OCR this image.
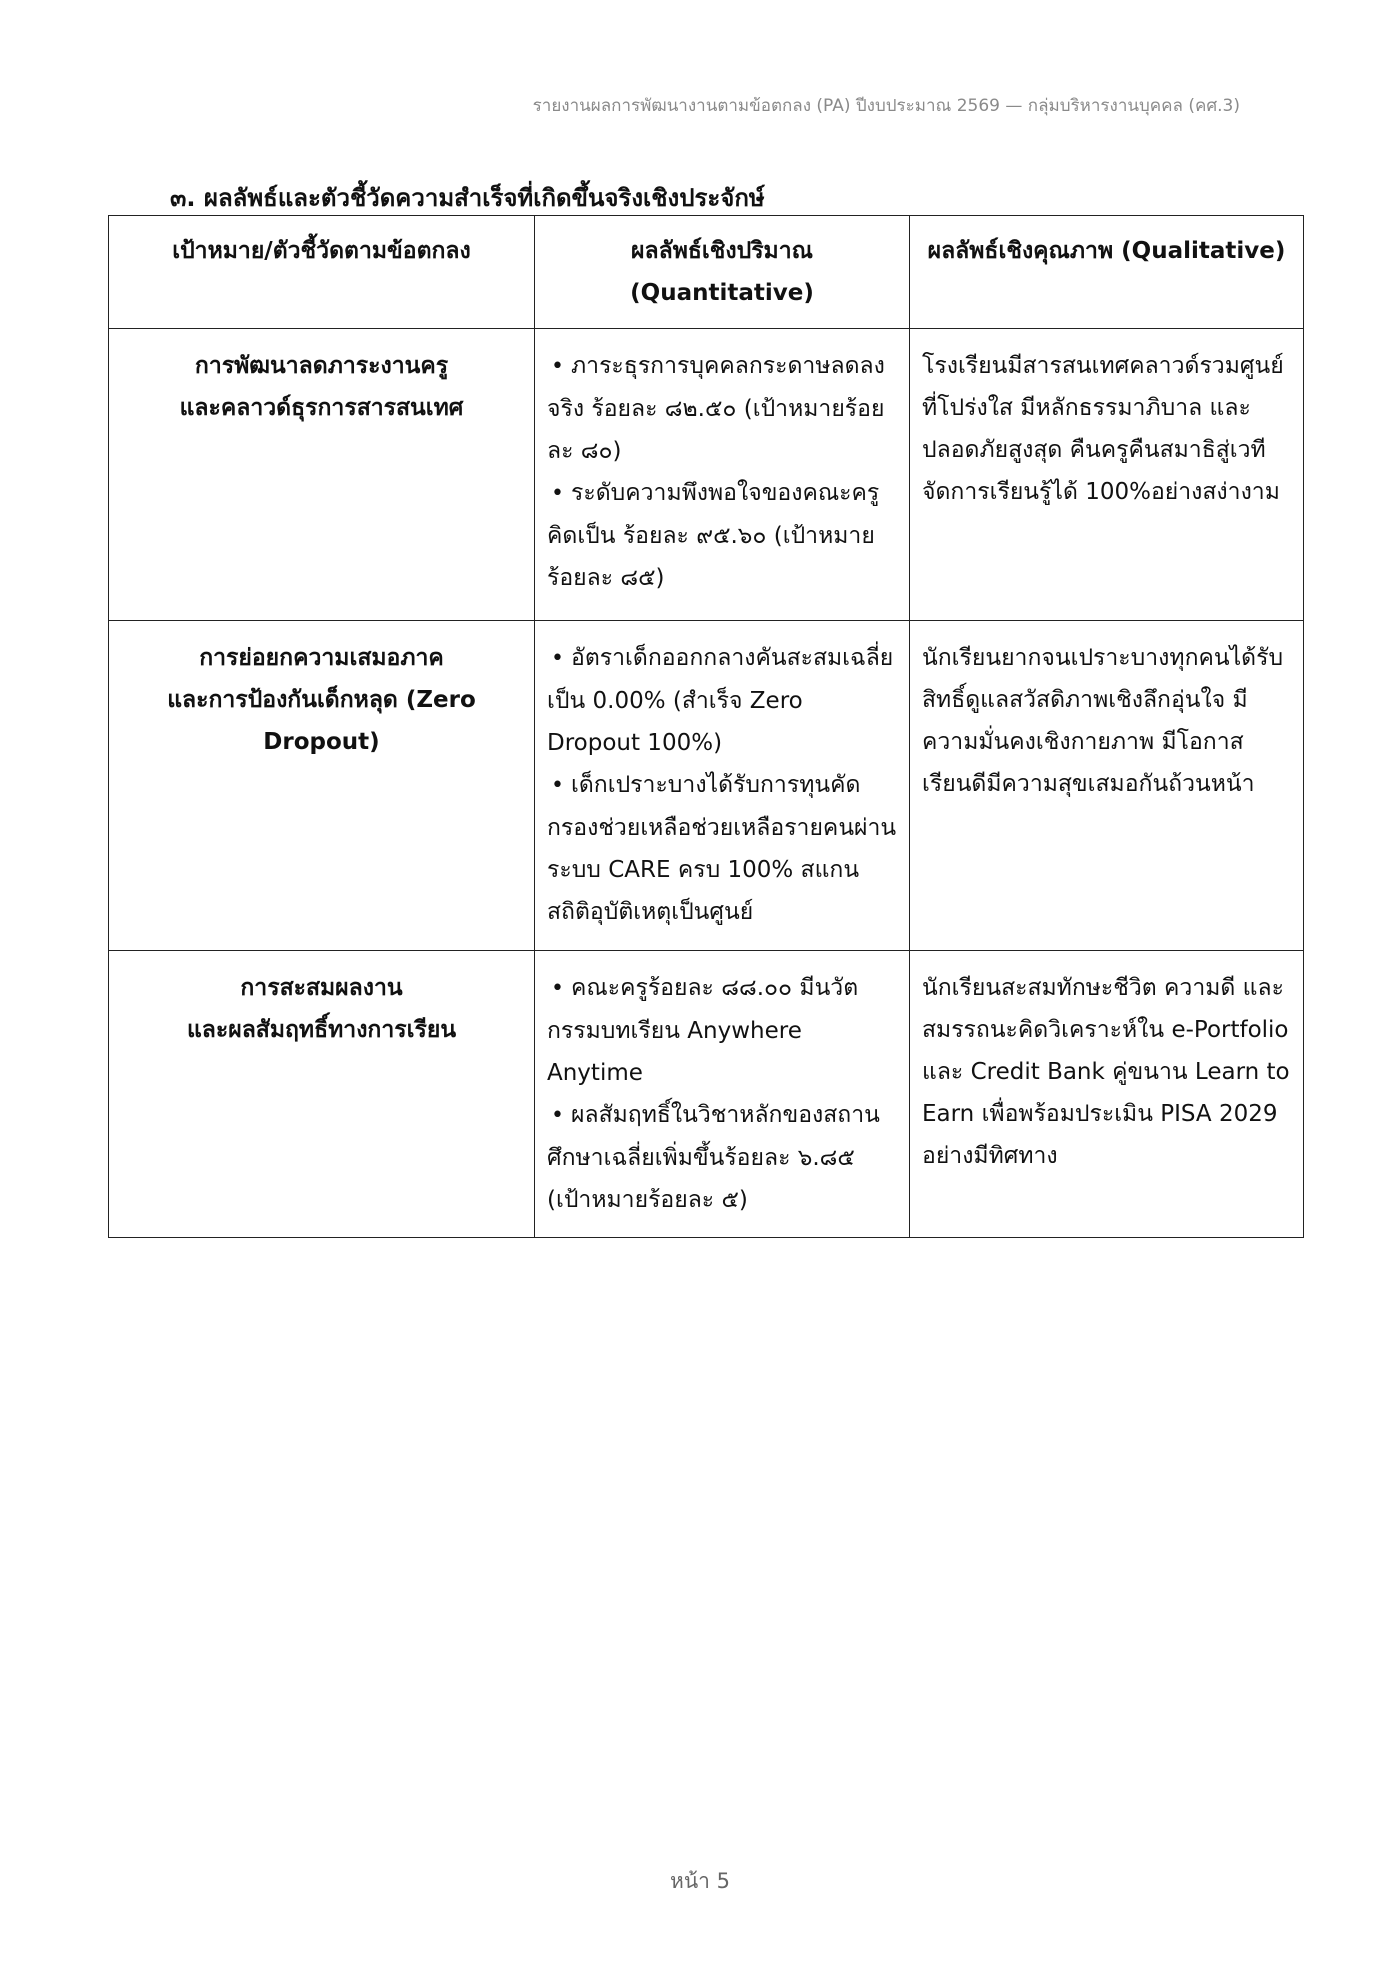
รายงานผลการพัฒนางานตามข้อตกลง (PA) ปีงบประมาณ 2569 — กลุ่มบริหารงานบุคคล (คศ.3)
๓. ผลลัพธ์และตัวชี้วัดความสำเร็จที่เกิดขึ้นจริงเชิงประจักษ์
เป้าหมาย/ตัวชี้วัดตามข้อตกลง	ผลลัพธ์เชิงปริมาณ (Quantitative)	ผลลัพธ์เชิงคุณภาพ (Qualitative)

การพัฒนาลดภาระงานครู
และคลาวด์ธุรการสารสนเทศ	• ภาระธุรการบุคคลกระดาษลดลงจริง ร้อยละ ๘๒.๕๐ (เป้าหมายร้อยละ ๘๐)
• ระดับความพึงพอใจของคณะครูคิดเป็น ร้อยละ ๙๕.๖๐ (เป้าหมายร้อยละ ๘๕)	โรงเรียนมีสารสนเทศคลาวด์รวมศูนย์ที่โปร่งใส มีหลักธรรมาภิบาล และปลอดภัยสูงสุด คืนครูคืนสมาธิสู่เวทีจัดการเรียนรู้ได้ 100%อย่างสง่างาม

การย่อยกความเสมอภาค
และการป้องกันเด็กหลุด (Zero
Dropout)	• อัตราเด็กออกกลางคันสะสมเฉลี่ยเป็น 0.00% (สำเร็จ Zero Dropout 100%)
• เด็กเปราะบางได้รับการทุนคัดกรองช่วยเหลือช่วยเหลือรายคนผ่านระบบ CARE ครบ 100% สแกนสถิติอุบัติเหตุเป็นศูนย์	นักเรียนยากจนเปราะบางทุกคนได้รับสิทธิ์ดูแลสวัสดิภาพเชิงลึกอุ่นใจ มีความมั่นคงเชิงกายภาพ มีโอกาสเรียนดีมีความสุขเสมอกันถ้วนหน้า

การสะสมผลงาน
และผลสัมฤทธิ์ทางการเรียน	• คณะครูร้อยละ ๘๘.๐๐ มีนวัตกรรมบทเรียน Anywhere Anytime
• ผลสัมฤทธิ์ในวิชาหลักของสถานศึกษาเฉลี่ยเพิ่มขึ้นร้อยละ ๖.๘๕ (เป้าหมายร้อยละ ๕)	นักเรียนสะสมทักษะชีวิต ความดี และสมรรถนะคิดวิเคราะห์ใน e-Portfolio และ Credit Bank คู่ขนาน Learn to Earn เพื่อพร้อมประเมิน PISA 2029 อย่างมีทิศทาง
หน้า 5
